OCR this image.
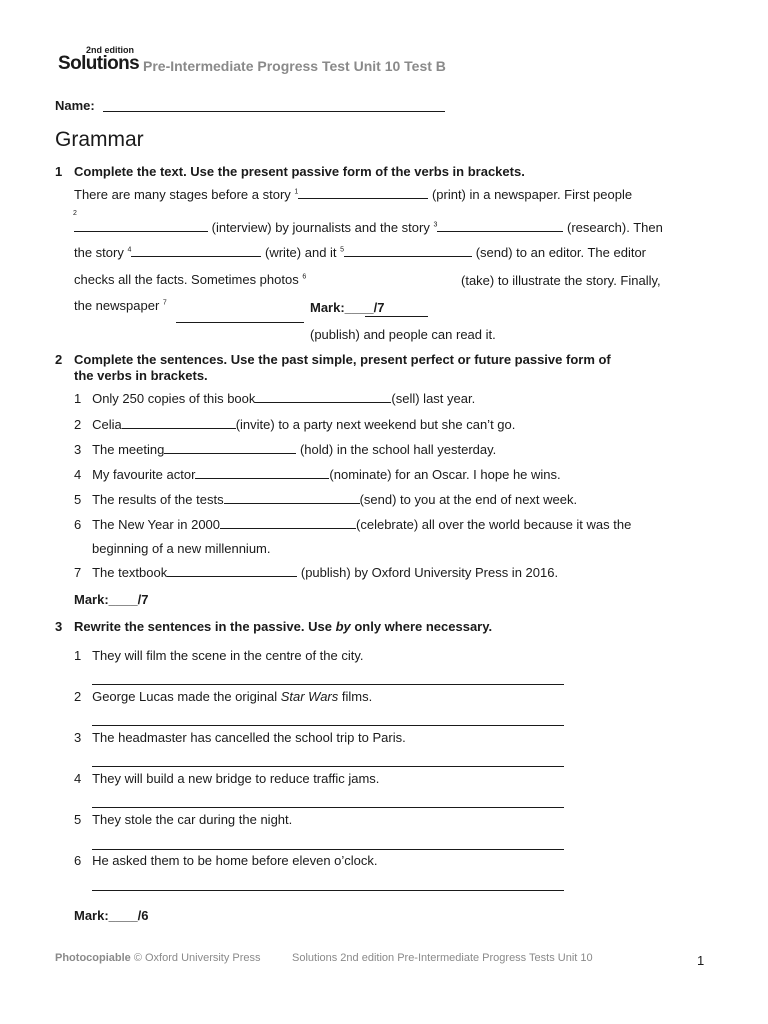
2nd edition
Solutions Pre-Intermediate Progress Test Unit 10 Test B
Name:
Grammar
1 Complete the text. Use the present passive form of the verbs in brackets.
There are many stages before a story $^1$	(print) in a newspaper. First people
2
(interview) by journalists and the story $^3$	(research). Then
the story $^4$	(write) and it $^5$	(send) to an editor. The editor
checks all the facts. Sometimes photos $^6$	(take) to illustrate the story. Finally,
the newspaper $^7$	Mark:____/7
(publish) and people can read it.
2 Complete the sentences. Use the past simple, present perfect or future passive form of
the verbs in brackets.
1 Only 250 copies of this book	(sell) last year.
2 Celia	(invite) to a party next weekend but she can’t go.
3 The meeting	(hold) in the school hall yesterday.
4 My favourite actor	(nominate) for an Oscar. I hope he wins.
5 The results of the tests	(send) to you at the end of next week.
6 The New Year in 2000	(celebrate) all over the world because it was the
beginning of a new millennium.
7 The textbook	(publish) by Oxford University Press in 2016.
Mark:____/7
3 Rewrite the sentences in the passive. Use by only where necessary.
1 They will film the scene in the centre of the city.
2 George Lucas made the original Star Wars films.
3 The headmaster has cancelled the school trip to Paris.
4 They will build a new bridge to reduce traffic jams.
5 They stole the car during the night.
6 He asked them to be home before eleven o’clock.
Mark:____/6
Photocopiable © Oxford University Press	Solutions 2nd edition Pre-Intermediate Progress Tests Unit 10	1
